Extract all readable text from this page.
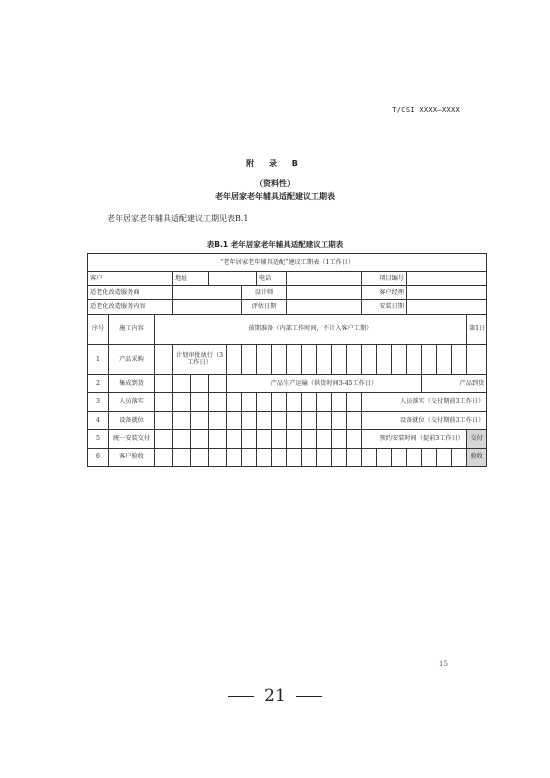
T/CSI XXXX—XXXX
附 录 B
（资料性）
老年居家老年辅具适配建议工期表
老年居家老年辅具适配建议工期见表B.1
表B.1 老年居家老年辅具适配建议工期表
“老年居家老年辅具适配”建议工期表（1工作日）																						
客户			地址					电话							项目编号							
适老化改造服务商							设计师								客户经理							
适老化改造服务内容							评估日期								安装日期							
序号	施工内容	前期准备（内部工作时间，不计入客户工期）																				第1日
1	产品采购		计划审批执行（3工作日）																			
2	集成到货					产品生产运输（供货时间3-45工作日）													产品到货			
3	人员落实														人员落实（交付期前3工作日）							
4	设备就位														设备就位（交付期前3工作日）							
5	统一安装交付														预约安装时间（提前3工作日）							交付
6	客户验收																					验收
15
21
